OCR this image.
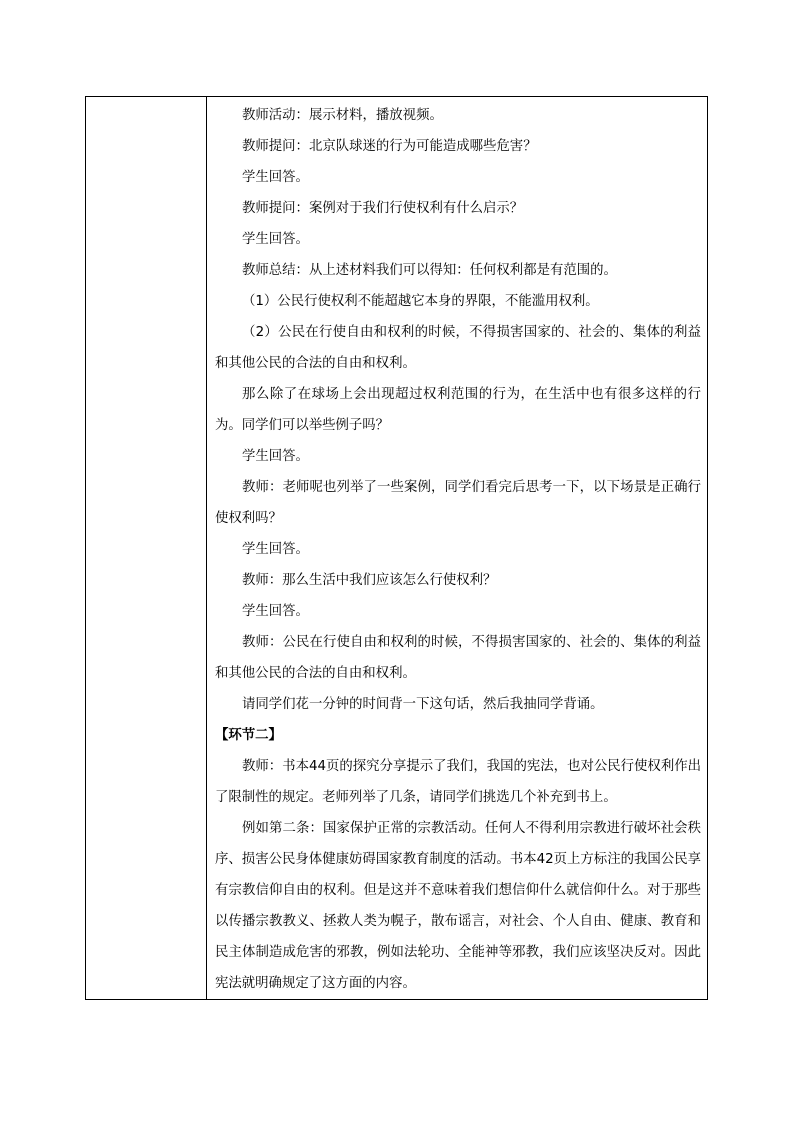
教师活动：展示材料，播放视频。

教师提问：北京队球迷的行为可能造成哪些危害？

学生回答。

教师提问：案例对于我们行使权利有什么启示？

学生回答。

教师总结：从上述材料我们可以得知：任何权利都是有范围的。

（1）公民行使权利不能超越它本身的界限，不能滥用权利。

（2）公民在行使自由和权利的时候，不得损害国家的、社会的、集体的利益和其他公民的合法的自由和权利。

那么除了在球场上会出现超过权利范围的行为，在生活中也有很多这样的行为。同学们可以举些例子吗？

学生回答。

教师：老师呢也列举了一些案例，同学们看完后思考一下，以下场景是正确行使权利吗？

学生回答。

教师：那么生活中我们应该怎么行使权利？

学生回答。

教师：公民在行使自由和权利的时候，不得损害国家的、社会的、集体的利益和其他公民的合法的自由和权利。

请同学们花一分钟的时间背一下这句话，然后我抽同学背诵。

【环节二】

教师：书本44页的探究分享提示了我们，我国的宪法，也对公民行使权利作出了限制性的规定。老师列举了几条，请同学们挑选几个补充到书上。

例如第二条：国家保护正常的宗教活动。任何人不得利用宗教进行破坏社会秩序、损害公民身体健康妨碍国家教育制度的活动。书本42页上方标注的我国公民享有宗教信仰自由的权利。但是这并不意味着我们想信仰什么就信仰什么。对于那些以传播宗教教义、拯救人类为幌子，散布谣言，对社会、个人自由、健康、教育和民主体制造成危害的邪教，例如法轮功、全能神等邪教，我们应该坚决反对。因此宪法就明确规定了这方面的内容。
